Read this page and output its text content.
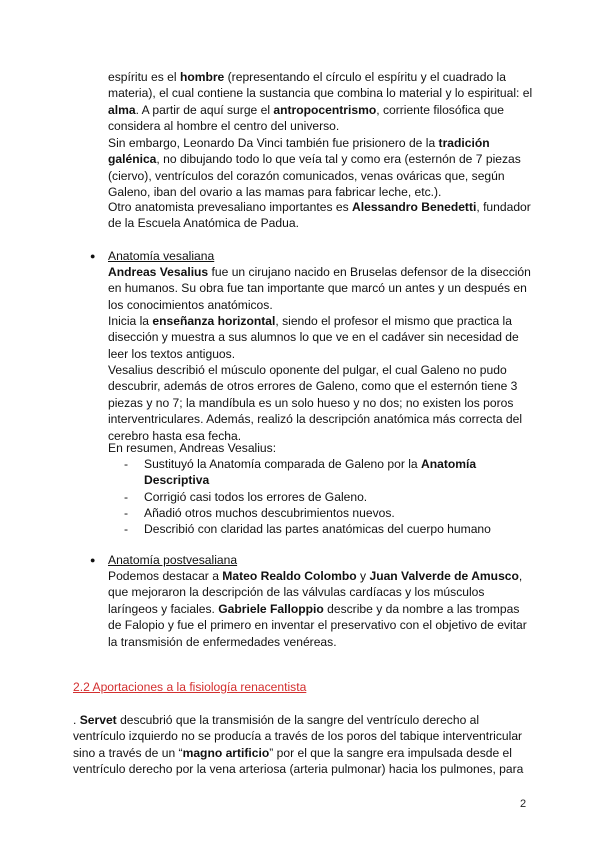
espíritu es el hombre (representando el círculo el espíritu y el cuadrado la materia), el cual contiene la sustancia que combina lo material y lo espiritual: el alma. A partir de aquí surge el antropocentrismo, corriente filosófica que considera al hombre el centro del universo.

Sin embargo, Leonardo Da Vinci también fue prisionero de la tradición galénica, no dibujando todo lo que veía tal y como era (esternón de 7 piezas (ciervo), ventrículos del corazón comunicados, venas ováricas que, según Galeno, iban del ovario a las mamas para fabricar leche, etc.).

Otro anatomista prevesaliano importantes es Alessandro Benedetti, fundador de la Escuela Anatómica de Padua.

● Anatomía vesaliana

Andreas Vesalius fue un cirujano nacido en Bruselas defensor de la disección en humanos. Su obra fue tan importante que marcó un antes y un después en los conocimientos anatómicos.

Inicia la enseñanza horizontal, siendo el profesor el mismo que practica la disección y muestra a sus alumnos lo que ve en el cadáver sin necesidad de leer los textos antiguos.

Vesalius describió el músculo oponente del pulgar, el cual Galeno no pudo descubrir, además de otros errores de Galeno, como que el esternón tiene 3 piezas y no 7; la mandíbula es un solo hueso y no dos; no existen los poros interventriculares. Además, realizó la descripción anatómica más correcta del cerebro hasta esa fecha.

En resumen, Andreas Vesalius:

- Sustituyó la Anatomía comparada de Galeno por la Anatomía Descriptiva

- Corrigió casi todos los errores de Galeno.

- Añadió otros muchos descubrimientos nuevos.

- Describió con claridad las partes anatómicas del cuerpo humano

● Anatomía postvesaliana

Podemos destacar a Mateo Realdo Colombo y Juan Valverde de Amusco, que mejoraron la descripción de las válvulas cardíacas y los músculos laríngeos y faciales. Gabriele Falloppio describe y da nombre a las trompas de Falopio y fue el primero en inventar el preservativo con el objetivo de evitar la transmisión de enfermedades venéreas.

2.2 Aportaciones a la fisiología renacentista

. Servet descubrió que la transmisión de la sangre del ventrículo derecho al ventrículo izquierdo no se producía a través de los poros del tabique interventricular sino a través de un “magno artificio” por el que la sangre era impulsada desde el ventrículo derecho por la vena arteriosa (arteria pulmonar) hacia los pulmones, para

2
